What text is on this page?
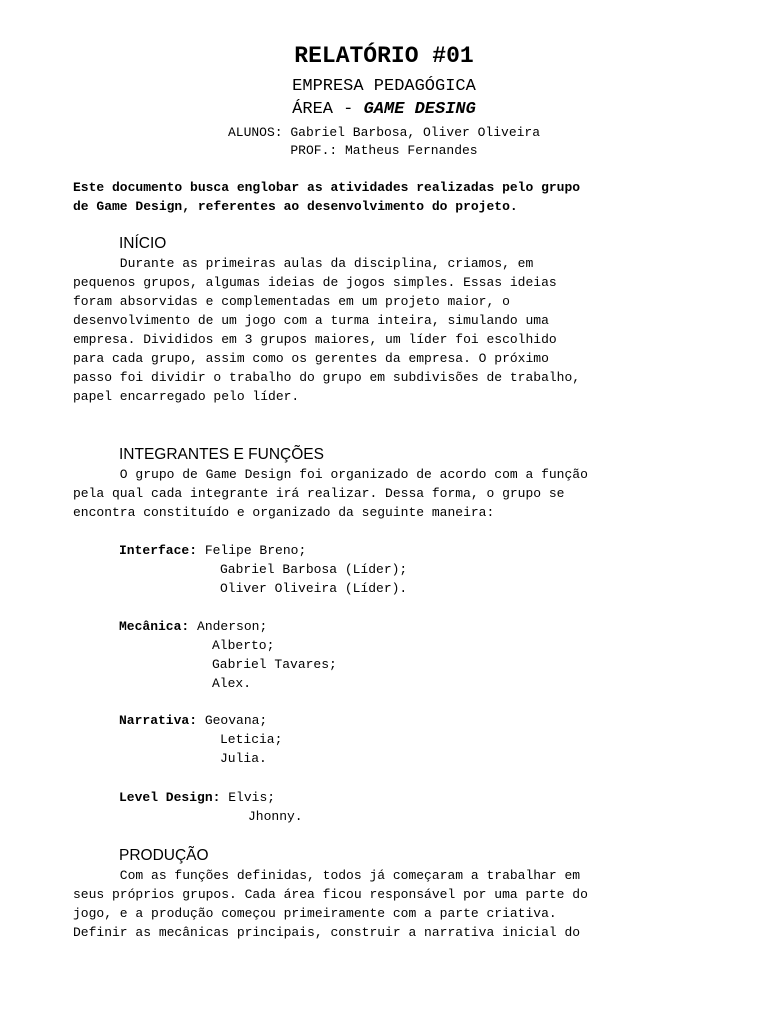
RELATÓRIO #01
EMPRESA PEDAGÓGICA
ÁREA - GAME DESING
ALUNOS: Gabriel Barbosa, Oliver Oliveira
PROF.: Matheus Fernandes
Este documento busca englobar as atividades realizadas pelo grupo
de Game Design, referentes ao desenvolvimento do projeto.
INÍCIO
Durante as primeiras aulas da disciplina, criamos, em
pequenos grupos, algumas ideias de jogos simples. Essas ideias
foram absorvidas e complementadas em um projeto maior, o
desenvolvimento de um jogo com a turma inteira, simulando uma
empresa. Divididos em 3 grupos maiores, um líder foi escolhido
para cada grupo, assim como os gerentes da empresa. O próximo
passo foi dividir o trabalho do grupo em subdivisões de trabalho,
papel encarregado pelo líder.
INTEGRANTES E FUNÇÕES
O grupo de Game Design foi organizado de acordo com a função
pela qual cada integrante irá realizar. Dessa forma, o grupo se
encontra constituído e organizado da seguinte maneira:
Interface: Felipe Breno;
Gabriel Barbosa (Líder);
Oliver Oliveira (Líder).
Mecânica: Anderson;
Alberto;
Gabriel Tavares;
Alex.
Narrativa: Geovana;
Leticia;
Julia.
Level Design: Elvis;
Jhonny.
PRODUÇÃO
Com as funções definidas, todos já começaram a trabalhar em
seus próprios grupos. Cada área ficou responsável por uma parte do
jogo, e a produção começou primeiramente com a parte criativa.
Definir as mecânicas principais, construir a narrativa inicial do
